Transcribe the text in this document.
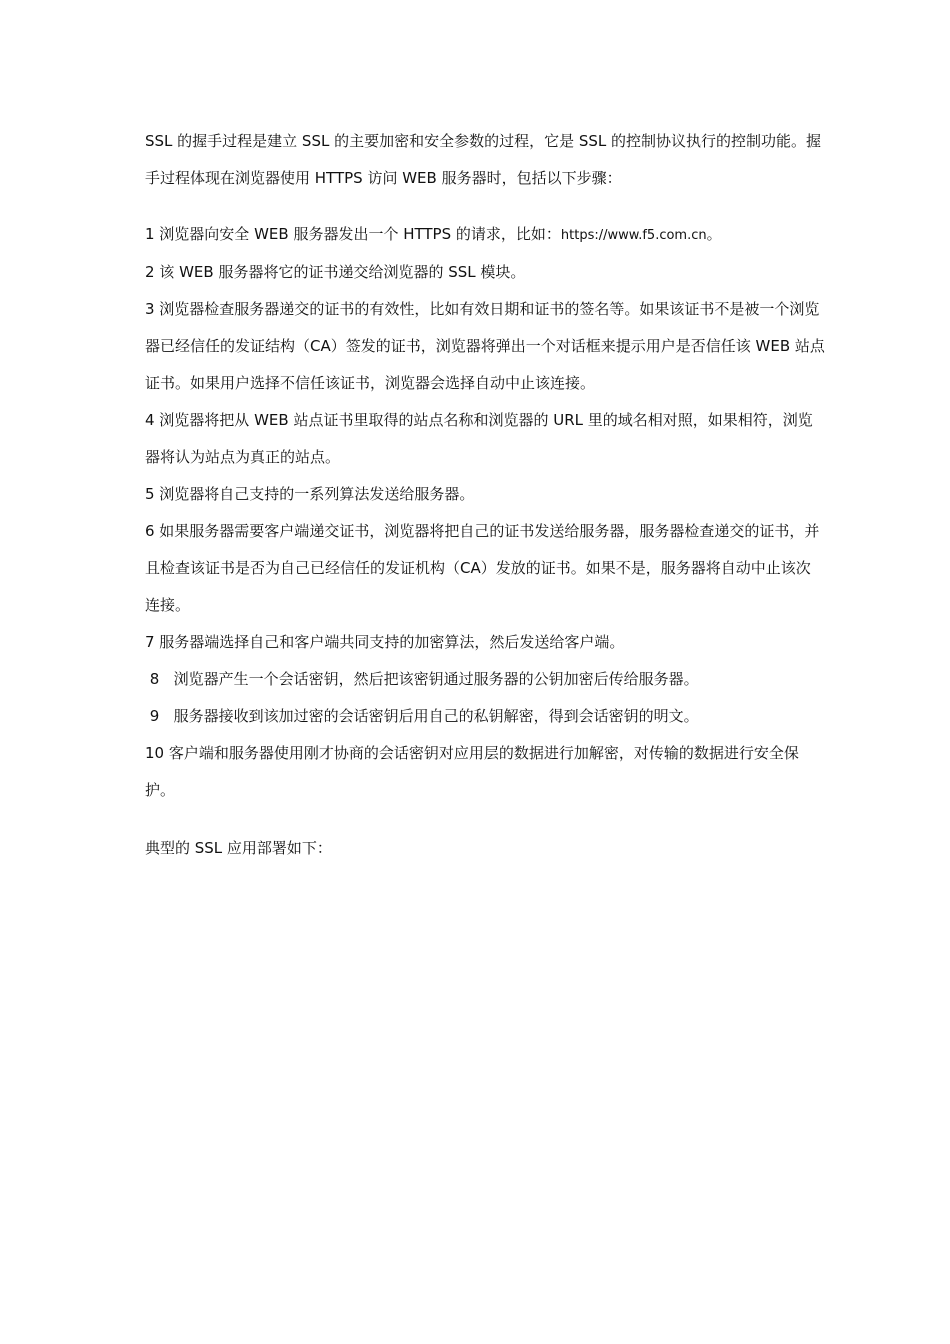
SSL 的握手过程是建立 SSL 的主要加密和安全参数的过程，它是 SSL 的控制协议执行的控制功能。握手过程体现在浏览器使用 HTTPS 访问 WEB 服务器时，包括以下步骤：

1 浏览器向安全 WEB 服务器发出一个 HTTPS 的请求，比如：https://www.f5.com.cn。

2 该 WEB 服务器将它的证书递交给浏览器的 SSL 模块。

3 浏览器检查服务器递交的证书的有效性，比如有效日期和证书的签名等。如果该证书不是被一个浏览器已经信任的发证结构（CA）签发的证书，浏览器将弹出一个对话框来提示用户是否信任该 WEB 站点证书。如果用户选择不信任该证书，浏览器会选择自动中止该连接。

4 浏览器将把从 WEB 站点证书里取得的站点名称和浏览器的 URL 里的域名相对照，如果相符，浏览器将认为站点为真正的站点。

5 浏览器将自己支持的一系列算法发送给服务器。

6 如果服务器需要客户端递交证书，浏览器将把自己的证书发送给服务器，服务器检查递交的证书，并且检查该证书是否为自己已经信任的发证机构（CA）发放的证书。如果不是，服务器将自动中止该次连接。

7 服务器端选择自己和客户端共同支持的加密算法，然后发送给客户端。

8   浏览器产生一个会话密钥，然后把该密钥通过服务器的公钥加密后传给服务器。

9   服务器接收到该加过密的会话密钥后用自己的私钥解密，得到会话密钥的明文。

10 客户端和服务器使用刚才协商的会话密钥对应用层的数据进行加解密，对传输的数据进行安全保护。

典型的 SSL 应用部署如下：
